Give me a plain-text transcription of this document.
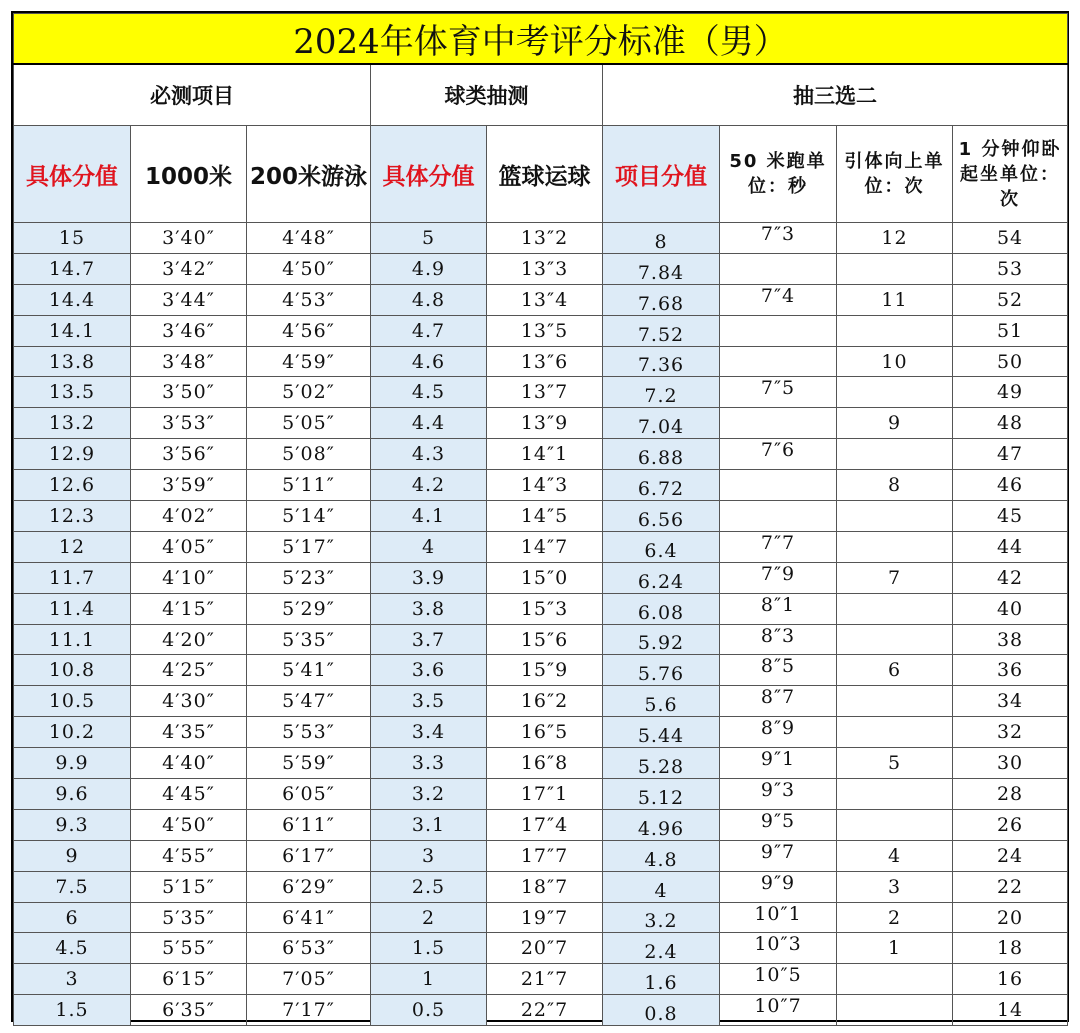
2024年体育中考评分标准（男）								
必测项目			球类抽测		抽三选二			
具体分值	1000米	200米游泳	具体分值	篮球运球	项目分值	50 米跑单位：秒	引体向上单位：次	1 分钟仰卧起坐单位：次
15	3′40″	4′48″	5	13″2	8	7″3	12	54
14.7	3′42″	4′50″	4.9	13″3	7.84			53
14.4	3′44″	4′53″	4.8	13″4	7.68	7″4	11	52
14.1	3′46″	4′56″	4.7	13″5	7.52			51
13.8	3′48″	4′59″	4.6	13″6	7.36		10	50
13.5	3′50″	5′02″	4.5	13″7	7.2	7″5		49
13.2	3′53″	5′05″	4.4	13″9	7.04		9	48
12.9	3′56″	5′08″	4.3	14″1	6.88	7″6		47
12.6	3′59″	5′11″	4.2	14″3	6.72		8	46
12.3	4′02″	5′14″	4.1	14″5	6.56			45
12	4′05″	5′17″	4	14″7	6.4	7″7		44
11.7	4′10″	5′23″	3.9	15″0	6.24	7″9	7	42
11.4	4′15″	5′29″	3.8	15″3	6.08	8″1		40
11.1	4′20″	5′35″	3.7	15″6	5.92	8″3		38
10.8	4′25″	5′41″	3.6	15″9	5.76	8″5	6	36
10.5	4′30″	5′47″	3.5	16″2	5.6	8″7		34
10.2	4′35″	5′53″	3.4	16″5	5.44	8″9		32
9.9	4′40″	5′59″	3.3	16″8	5.28	9″1	5	30
9.6	4′45″	6′05″	3.2	17″1	5.12	9″3		28
9.3	4′50″	6′11″	3.1	17″4	4.96	9″5		26
9	4′55″	6′17″	3	17″7	4.8	9″7	4	24
7.5	5′15″	6′29″	2.5	18″7	4	9″9	3	22
6	5′35″	6′41″	2	19″7	3.2	10″1	2	20
4.5	5′55″	6′53″	1.5	20″7	2.4	10″3	1	18
3	6′15″	7′05″	1	21″7	1.6	10″5		16
1.5	6′35″	7′17″	0.5	22″7	0.8	10″7		14
